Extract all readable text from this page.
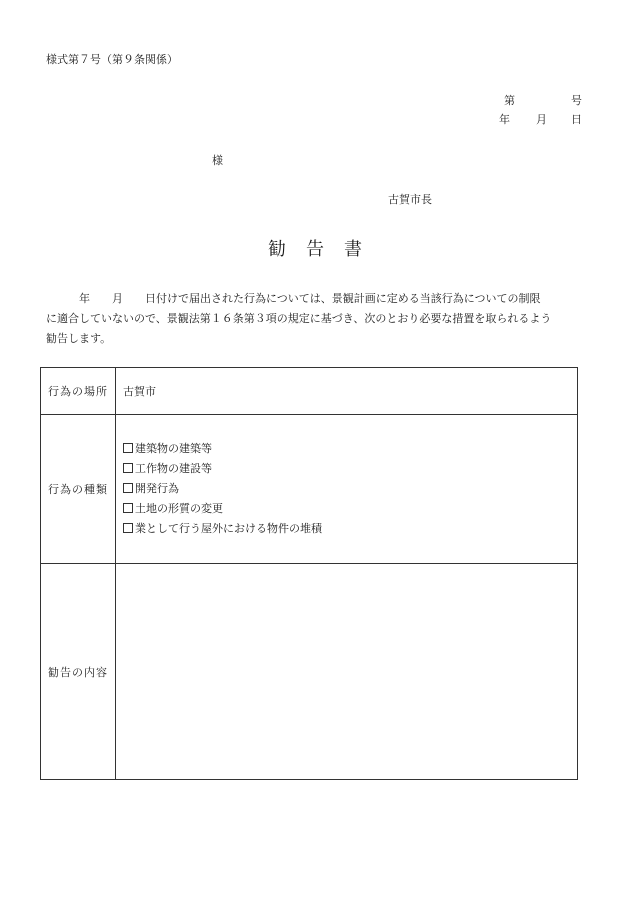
様式第７号（第９条関係）
第	号
年 月 日
様
古賀市長
勧告書
　　　年　　月　　日付けで届出された行為については、景観計画に定める当該行為についての制限
に適合していないので、景観法第１６条第３項の規定に基づき、次のとおり必要な措置を取られるよう
勧告します。
行為の場所	古賀市
行為の種類	建築物の建築等
工作物の建設等
開発行為
土地の形質の変更
業として行う屋外における物件の堆積

勧告の内容	
